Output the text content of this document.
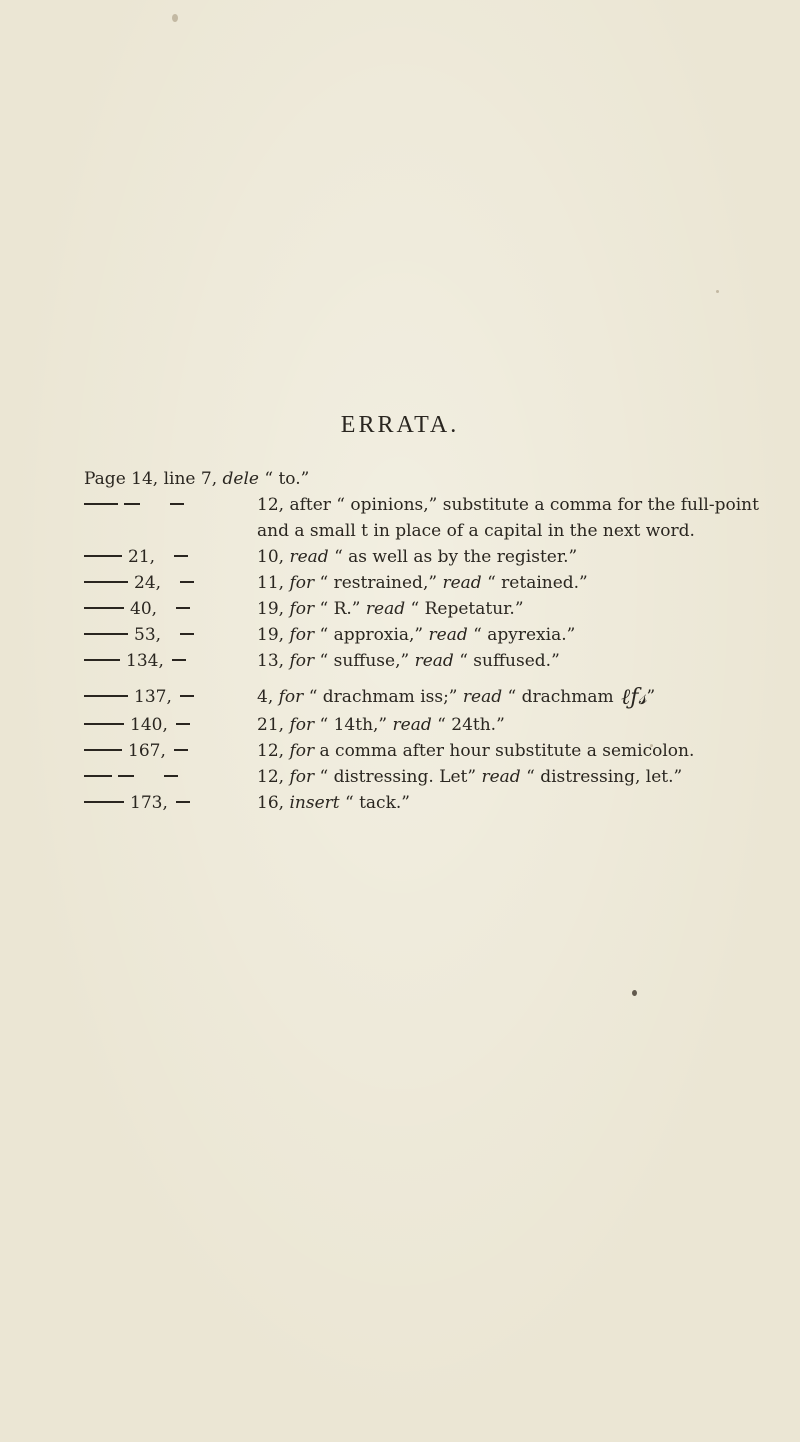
ERRATA.
Page 14, line 7, dele “ to.”
12, after “ opinions,” substitute a comma for the full-point
and a small t in place of a capital in the next word.
21,	10, read “ as well as by the register.”
24,	11, for “ restrained,” read “ retained.”
40,	19, for “ R.” read “ Repetatur.”
53,	19, for “ approxia,” read “ apyrexia.”
134,	13, for “ suffuse,” read “ suffused.”
137,	4, for “ drachmam iss;” read “ drachmam ℓƒ𝓈”
140,	21, for “ 14th,” read “ 24th.”
167,	12, for a comma after hour substitute a semicolon.
12, for “ distressing. Let” read “ distressing, let.”
173,	16, insert “ tack.”
